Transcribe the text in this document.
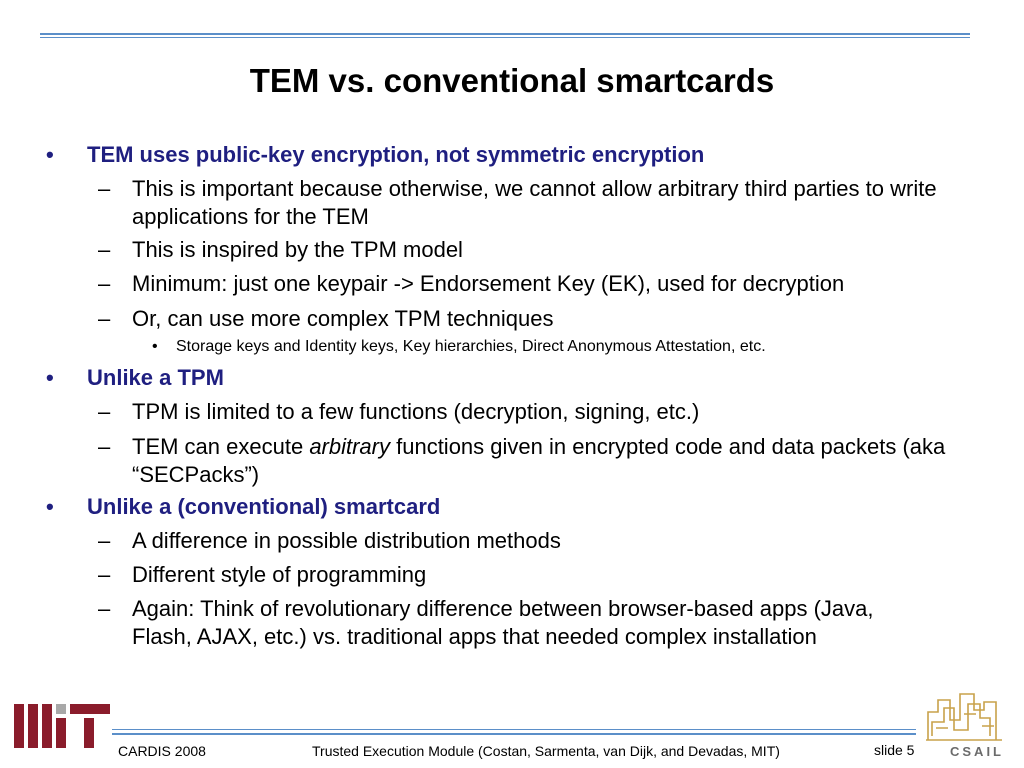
TEM vs. conventional smartcards
•	TEM uses public-key encryption, not symmetric encryption
– This is important because otherwise, we cannot allow arbitrary third parties to write applications for the TEM
– This is inspired by the TPM model
– Minimum: just one keypair -> Endorsement Key (EK), used for decryption
– Or, can use more complex TPM techniques
• Storage keys and Identity keys, Key hierarchies, Direct Anonymous Attestation, etc.
•	Unlike a TPM
– TPM is limited to a few functions (decryption, signing, etc.)
– TEM can execute arbitrary functions given in encrypted code and data packets (aka “SECPacks”)
•	Unlike a (conventional) smartcard
– A difference in possible distribution methods
– Different style of programming
– Again: Think of revolutionary difference between browser-based apps (Java, Flash, AJAX, etc.) vs. traditional apps that needed complex installation
CARDIS 2008	Trusted Execution Module (Costan, Sarmenta, van Dijk, and Devadas, MIT)	slide 5	CSAIL
